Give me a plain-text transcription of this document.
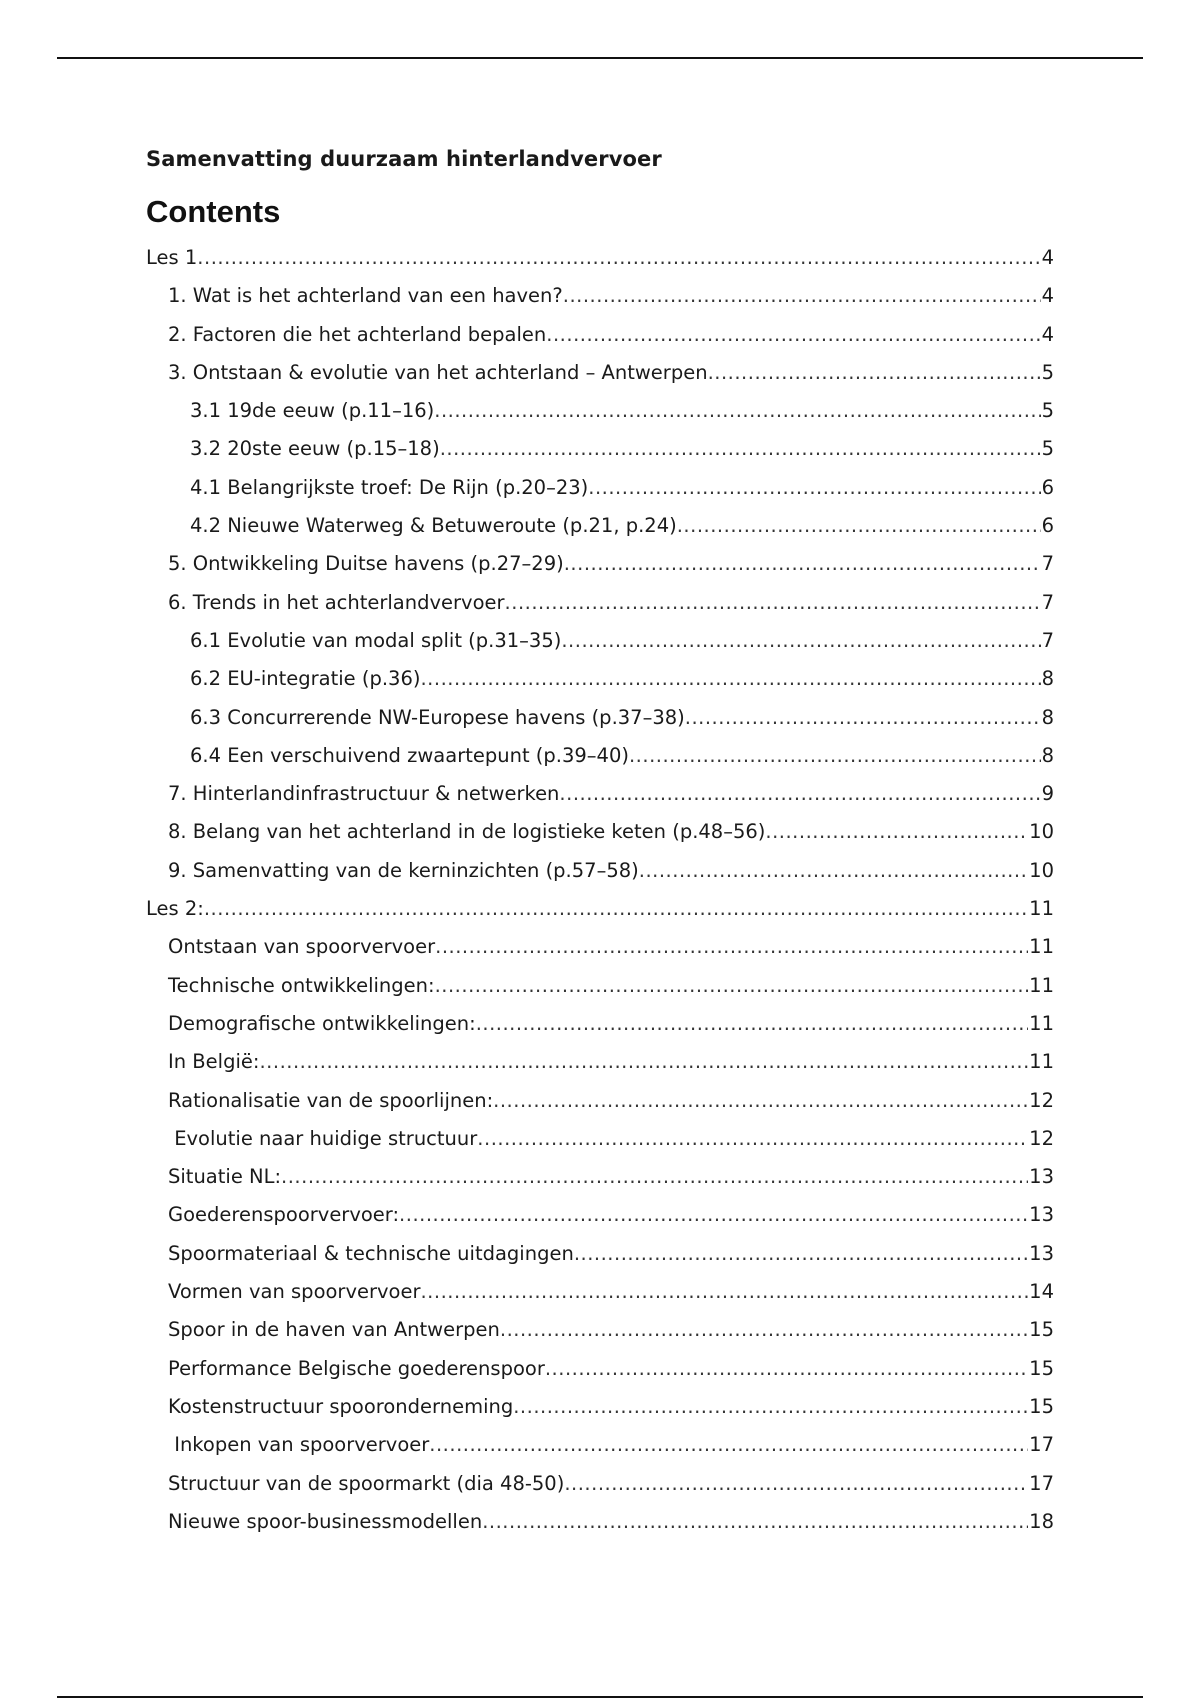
Samenvatting duurzaam hinterlandvervoer
Contents
Les 1 .....	4
1. Wat is het achterland van een haven? .....	4
2. Factoren die het achterland bepalen .....	4
3. Ontstaan & evolutie van het achterland – Antwerpen .....	5
3.1 19de eeuw (p.11–16) .....	5
3.2 20ste eeuw (p.15–18) .....	5
4.1 Belangrijkste troef: De Rijn (p.20–23) .....	6
4.2 Nieuwe Waterweg & Betuweroute (p.21, p.24) .....	6
5. Ontwikkeling Duitse havens (p.27–29) .....	7
6. Trends in het achterlandvervoer .....	7
6.1 Evolutie van modal split (p.31–35) .....	7
6.2 EU-integratie (p.36) .....	8
6.3 Concurrerende NW-Europese havens (p.37–38) .....	8
6.4 Een verschuivend zwaartepunt (p.39–40) .....	8
7. Hinterlandinfrastructuur & netwerken .....	9
8. Belang van het achterland in de logistieke keten (p.48–56) .....	10
9. Samenvatting van de kerninzichten (p.57–58) .....	10
Les 2: .....	11
Ontstaan van spoorvervoer .....	11
Technische ontwikkelingen: .....	11
Demografische ontwikkelingen: .....	11
In België: .....	11
Rationalisatie van de spoorlijnen: .....	12
Evolutie naar huidige structuur .....	12
Situatie NL: .....	13
Goederenspoorvervoer: .....	13
Spoormateriaal & technische uitdagingen .....	13
Vormen van spoorvervoer .....	14
Spoor in de haven van Antwerpen .....	15
Performance Belgische goederenspoor .....	15
Kostenstructuur spooronderneming .....	15
Inkopen van spoorvervoer .....	17
Structuur van de spoormarkt (dia 48-50) .....	17
Nieuwe spoor-businessmodellen .....	18
